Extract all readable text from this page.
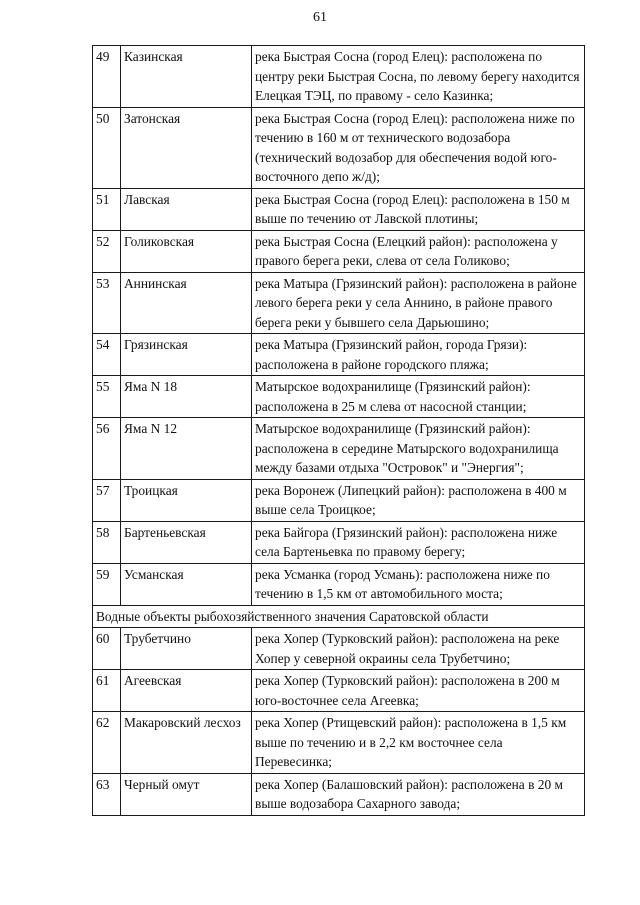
61
49	Казинская	река Быстрая Сосна (город Елец): расположена по центру реки Быстрая Сосна, по левому берегу находится Елецкая ТЭЦ, по правому - село Казинка;
50	Затонская	река Быстрая Сосна (город Елец): расположена ниже по течению в 160 м от технического водозабора (технический водозабор для обеспечения водой юго-восточного депо ж/д);
51	Лавская	река Быстрая Сосна (город Елец): расположена в 150 м выше по течению от Лавской плотины;
52	Голиковская	река Быстрая Сосна (Елецкий район): расположена у правого берега реки, слева от села Голиково;
53	Аннинская	река Матыра (Грязинский район): расположена в районе левого берега реки у села Аннино, в районе правого берега реки у бывшего села Дарьюшино;
54	Грязинская	река Матыра (Грязинский район, города Грязи): расположена в районе городского пляжа;
55	Яма N 18	Матырское водохранилище (Грязинский район): расположена в 25 м слева от насосной станции;
56	Яма N 12	Матырское водохранилище (Грязинский район): расположена в середине Матырского водохранилища между базами отдыха "Островок" и "Энергия";
57	Троицкая	река Воронеж (Липецкий район): расположена в 400 м выше села Троицкое;
58	Бартеньевская	река Байгора (Грязинский район): расположена ниже села Бартеньевка по правому берегу;
59	Усманская	река Усманка (город Усмань): расположена ниже по течению в 1,5 км от автомобильного моста;
Водные объекты рыбохозяйственного значения Саратовской области		
60	Трубетчино	река Хопер (Турковский район): расположена на реке Хопер у северной окраины села Трубетчино;
61	Агеевская	река Хопер (Турковский район): расположена в 200 м юго-восточнее села Агеевка;
62	Макаровский лесхоз	река Хопер (Ртищевский район): расположена в 1,5 км выше по течению и в 2,2 км восточнее села Перевесинка;
63	Черный омут	река Хопер (Балашовский район): расположена в 20 м выше водозабора Сахарного завода;
